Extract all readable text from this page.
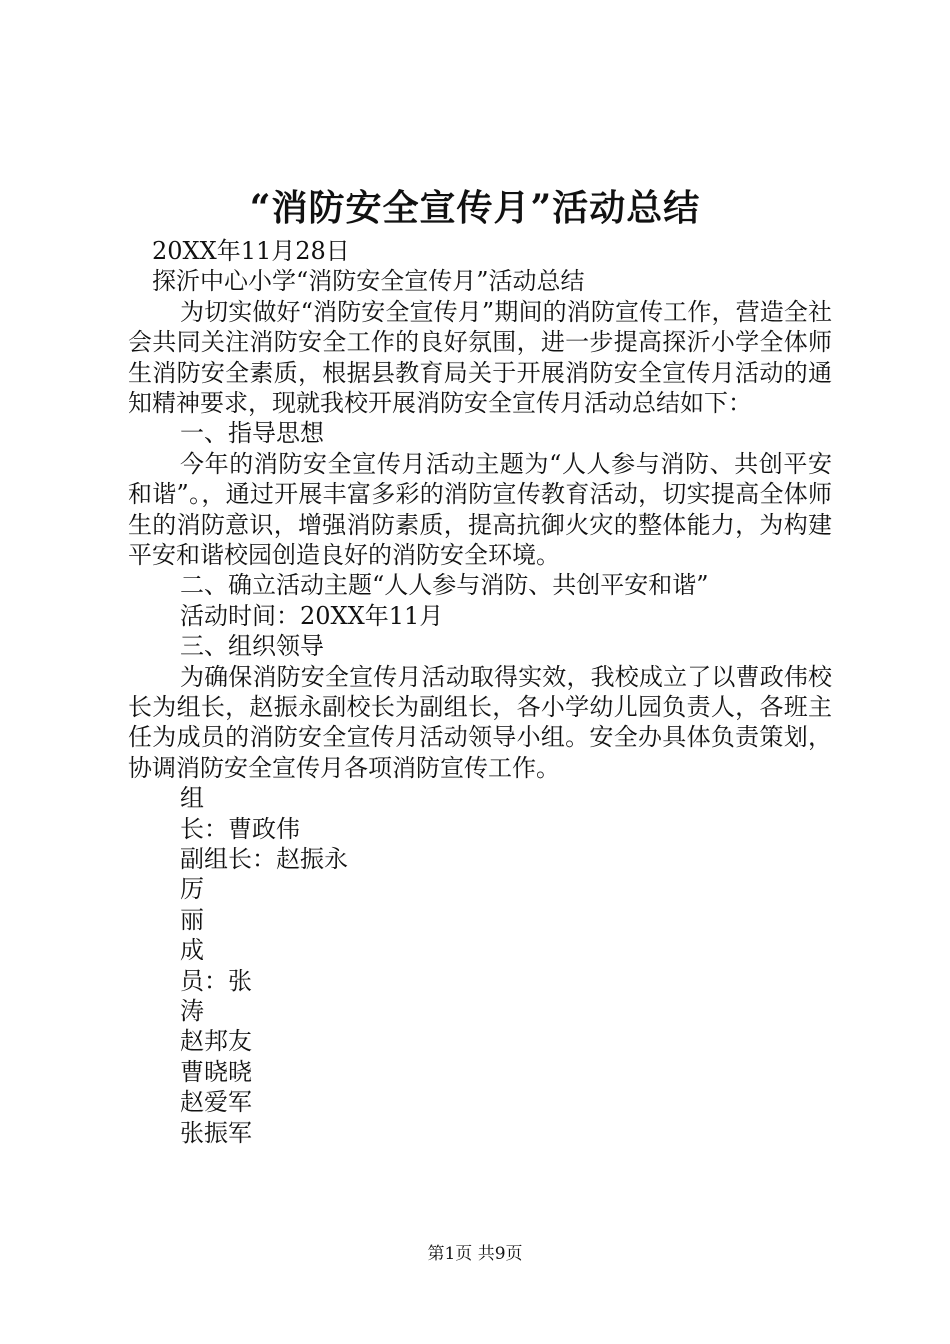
“消防安全宣传月”活动总结
20XX年11月28日
探沂中心小学“消防安全宣传月”活动总结
为切实做好“消防安全宣传月”期间的消防宣传工作，营造全社会共同关注消防安全工作的良好氛围，进一步提高探沂小学全体师生消防安全素质，根据县教育局关于开展消防安全宣传月活动的通知精神要求，现就我校开展消防安全宣传月活动总结如下：
一、指导思想
今年的消防安全宣传月活动主题为“人人参与消防、共创平安和谐”。，通过开展丰富多彩的消防宣传教育活动，切实提高全体师生的消防意识，增强消防素质，提高抗御火灾的整体能力，为构建平安和谐校园创造良好的消防安全环境。
二、确立活动主题“人人参与消防、共创平安和谐”
活动时间：20XX年11月
三、组织领导
为确保消防安全宣传月活动取得实效，我校成立了以曹政伟校长为组长，赵振永副校长为副组长，各小学幼儿园负责人，各班主任为成员的消防安全宣传月活动领导小组。安全办具体负责策划，协调消防安全宣传月各项消防宣传工作。
组
长：曹政伟
副组长：赵振永
厉
丽
成
员：张
涛
赵邦友
曹晓晓
赵爱军
张振军
第1页 共9页
